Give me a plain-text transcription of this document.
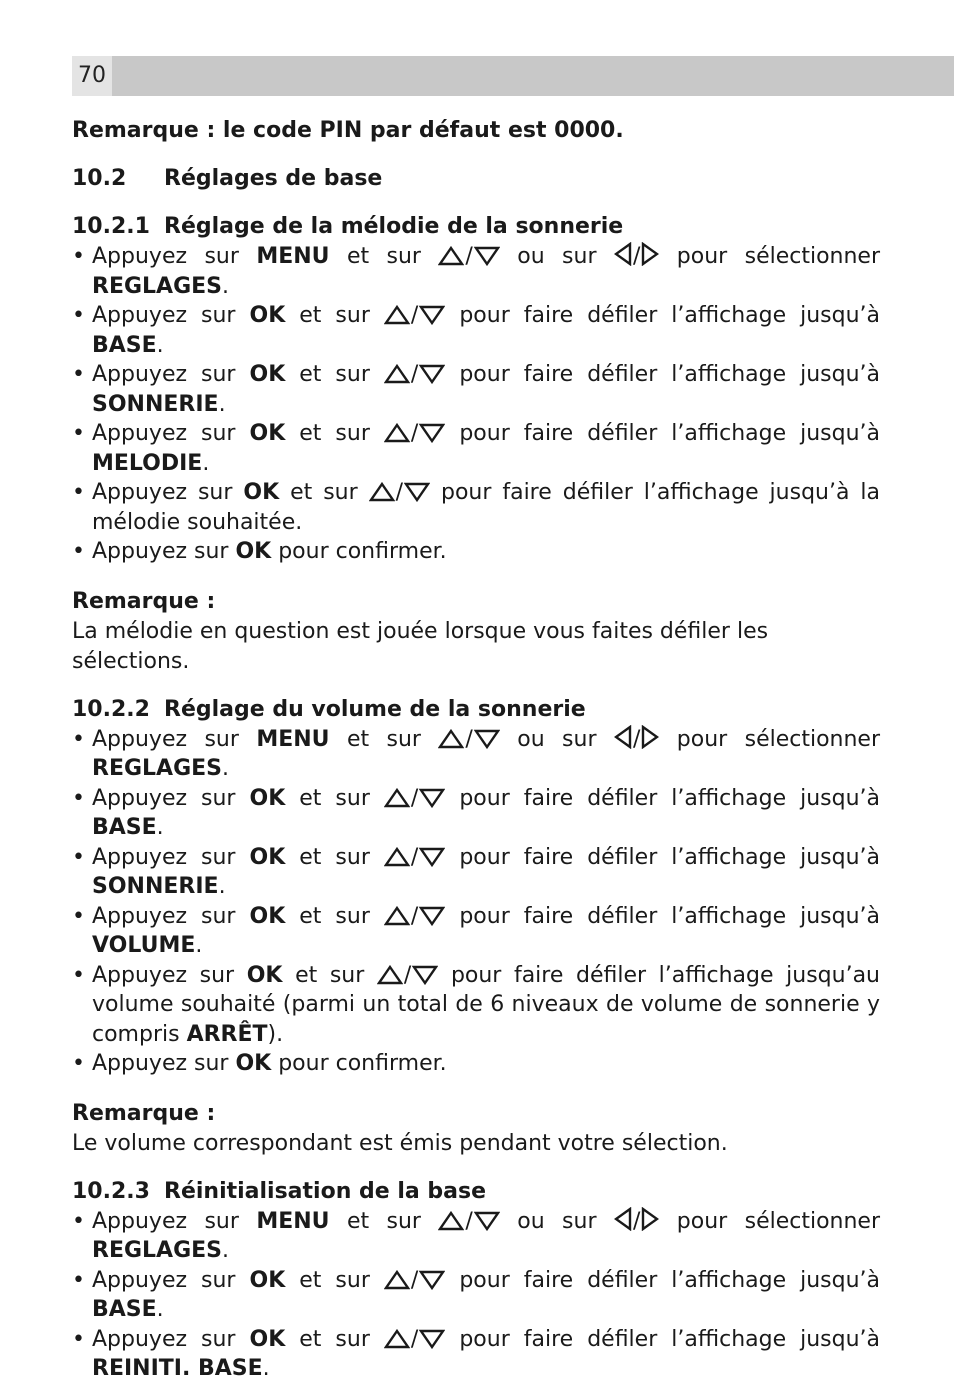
70
Remarque : le code PIN par défaut est 0000.
10.2	Réglages de base
10.2.1 Réglage de la mélodie de la sonnerie
• Appuyez sur MENU et sur / ou sur / pour sélectionner REGLAGES.
• Appuyez sur OK et sur / pour faire défiler l’affichage jusqu’à BASE.
• Appuyez sur OK et sur / pour faire défiler l’affichage jusqu’à SONNERIE.
• Appuyez sur OK et sur / pour faire défiler l’affichage jusqu’à MELODIE.
• Appuyez sur OK et sur / pour faire défiler l’affichage jusqu’à la mélodie souhaitée.
• Appuyez sur OK pour confirmer.
Remarque :
La mélodie en question est jouée lorsque vous faites défiler les sélections.
10.2.2 Réglage du volume de la sonnerie
• Appuyez sur MENU et sur / ou sur / pour sélectionner REGLAGES.
• Appuyez sur OK et sur / pour faire défiler l’affichage jusqu’à BASE.
• Appuyez sur OK et sur / pour faire défiler l’affichage jusqu’à SONNERIE.
• Appuyez sur OK et sur / pour faire défiler l’affichage jusqu’à VOLUME.
• Appuyez sur OK et sur / pour faire défiler l’affichage jusqu’au volume souhaité (parmi un total de 6 niveaux de volume de sonnerie y compris ARRÊT).
• Appuyez sur OK pour confirmer.
Remarque :
Le volume correspondant est émis pendant votre sélection.
10.2.3 Réinitialisation de la base
• Appuyez sur MENU et sur / ou sur / pour sélectionner REGLAGES.
• Appuyez sur OK et sur / pour faire défiler l’affichage jusqu’à BASE.
• Appuyez sur OK et sur / pour faire défiler l’affichage jusqu’à REINITI. BASE.
